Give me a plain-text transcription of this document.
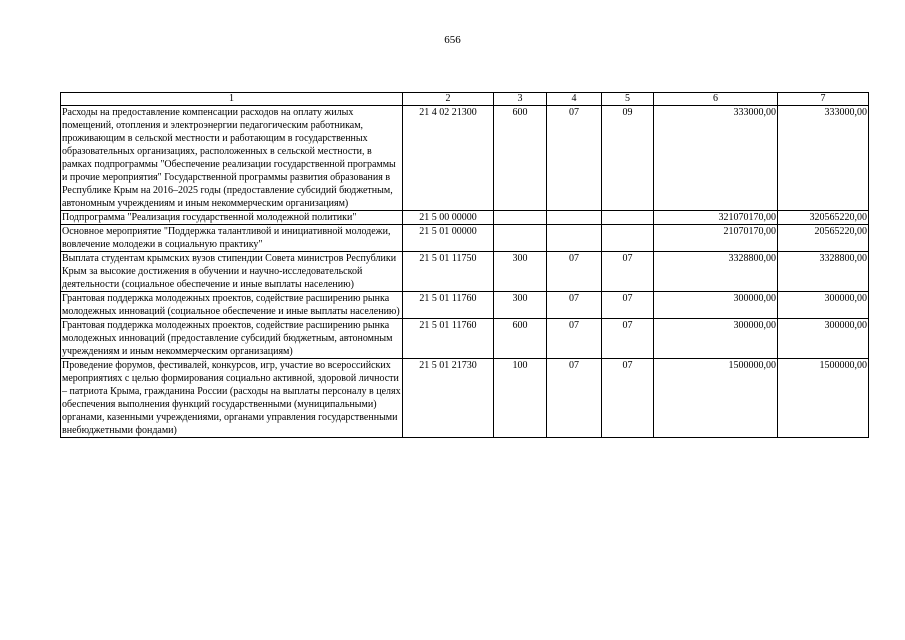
656
1	2	3	4	5	6	7
Расходы на предоставление компенсации расходов на оплату жилых помещений, отопления и электроэнергии педагогическим работникам, проживающим в сельской местности и работающим в государственных образовательных организациях, расположенных в сельской местности, в рамках подпрограммы "Обеспечение реализации государственной программы и прочие мероприятия" Государственной программы развития образования в Республике Крым на 2016–2025 годы (предоставление субсидий бюджетным, автономным учреждениям и иным некоммерческим организациям)	21 4 02 21300	600	07	09	333000,00	333000,00
Подпрограмма "Реализация государственной молодежной политики"	21 5 00 00000				321070170,00	320565220,00
Основное мероприятие "Поддержка талантливой и инициативной молодежи, вовлечение молодежи в социальную практику"	21 5 01 00000				21070170,00	20565220,00
Выплата студентам крымских вузов стипендии Совета министров Республики Крым за высокие достижения в обучении и научно-исследовательской деятельности (социальное обеспечение и иные выплаты населению)	21 5 01 11750	300	07	07	3328800,00	3328800,00
Грантовая поддержка молодежных проектов, содействие расширению рынка молодежных инноваций (социальное обеспечение и иные выплаты населению)	21 5 01 11760	300	07	07	300000,00	300000,00
Грантовая поддержка молодежных проектов, содействие расширению рынка молодежных инноваций (предоставление субсидий бюджетным, автономным учреждениям и иным некоммерческим организациям)	21 5 01 11760	600	07	07	300000,00	300000,00
Проведение форумов, фестивалей, конкурсов, игр, участие во всероссийских мероприятиях с целью формирования социально активной, здоровой личности – патриота Крыма, гражданина России (расходы на выплаты персоналу в целях обеспечения выполнения функций государственными (муниципальными) органами, казенными учреждениями, органами управления государственными внебюджетными фондами)	21 5 01 21730	100	07	07	1500000,00	1500000,00
